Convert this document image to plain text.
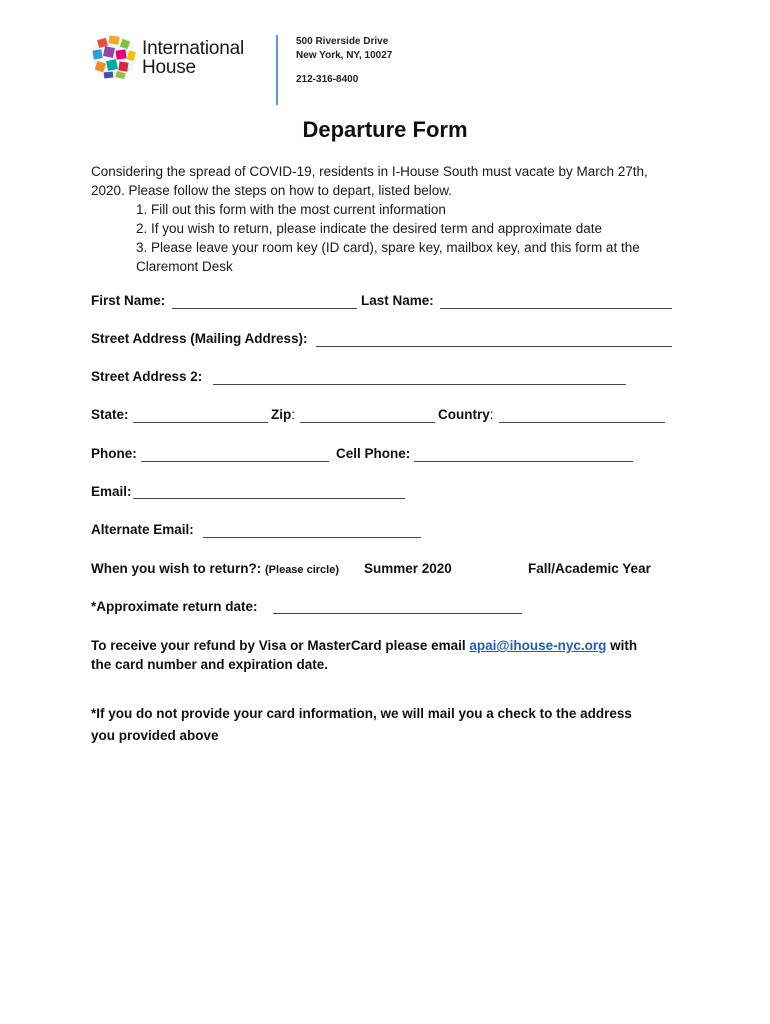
International
House
500 Riverside Drive
New York, NY, 10027
212-316-8400
Departure Form
Considering the spread of COVID-19, residents in I-House South must vacate by March 27th,
2020. Please follow the steps on how to depart, listed below.
1. Fill out this form with the most current information
2. If you wish to return, please indicate the desired term and approximate date
3. Please leave your room key (ID card), spare key, mailbox key, and this form at the
Claremont Desk
First Name:	Last Name:
Street Address (Mailing Address):
Street Address 2:
State:	Zip:	Country:
Phone:	Cell Phone:
Email:
Alternate Email:
When you wish to return?: (Please circle) Summer 2020	Fall/Academic Year
*Approximate return date:
To receive your refund by Visa or MasterCard please email apai@ihouse-nyc.org with
the card number and expiration date.
*If you do not provide your card information, we will mail you a check to the address
you provided above
